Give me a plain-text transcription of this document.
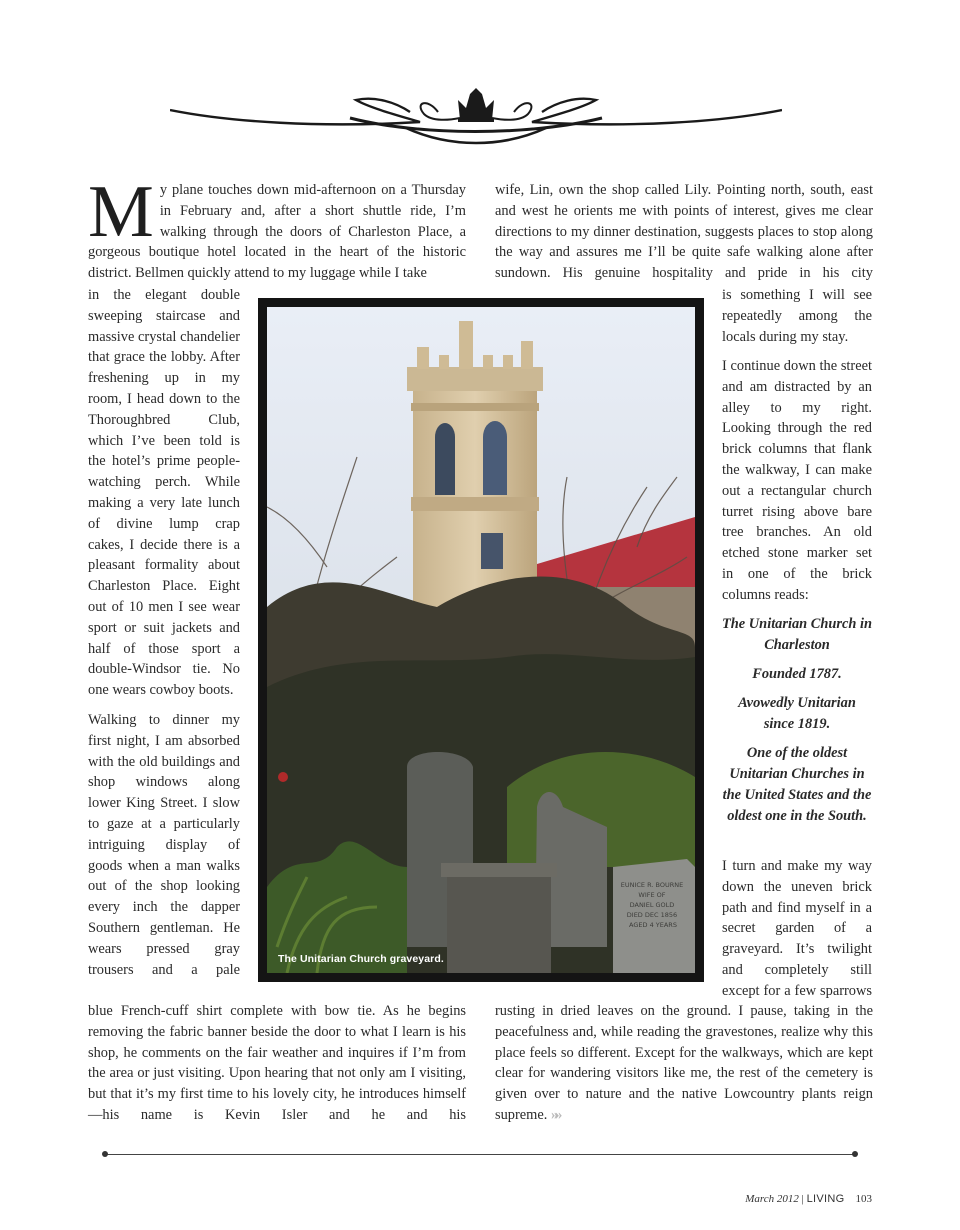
My plane touches down mid-afternoon on a Thursday in February and, after a short shuttle ride, I’m walking through the doors of Charleston Place, a gorgeous boutique hotel located in the heart of the historic district. Bellmen quickly attend to my luggage while I take

wife, Lin, own the shop called Lily. Pointing north, south, east and west he orients me with points of interest, gives me clear directions to my dinner destination, suggests places to stop along the way and assures me I’ll be quite safe walking alone after sundown. His genuine hospitality and pride in his city

in the elegant double sweeping staircase and massive crystal chandelier that grace the lobby. After freshening up in my room, I head down to the Thoroughbred Club, which I’ve been told is the hotel’s prime people-watching perch. While making a very late lunch of divine lump crap cakes, I decide there is a pleasant formality about Charleston Place. Eight out of 10 men I see wear sport or suit jackets and half of those sport a double-Windsor tie. No one wears cowboy boots.

Walking to dinner my first night, I am absorbed with the old buildings and shop windows along lower King Street. I slow to gaze at a particularly intriguing display of goods when a man walks out of the shop looking every inch the dapper Southern gentleman. He wears pressed gray trousers and a pale

EUNICE R. BOURNE WIFE OF DANIEL GOLD DIED DEC 1856 AGED 4 YEARS
The Unitarian Church graveyard.

is something I will see repeatedly among the locals during my stay.

I continue down the street and am distracted by an alley to my right. Looking through the red brick columns that flank the walkway, I can make out a rectangular church turret rising above bare tree branches. An old etched stone marker set in one of the brick columns reads:

The Unitarian Church in Charleston

Founded 1787.

Avowedly Unitarian since 1819.

One of the oldest Unitarian Churches in the United States and the oldest one in the South.

I turn and make my way down the uneven brick path and find myself in a secret garden of a graveyard. It’s twilight and completely still except for a few sparrows

blue French-cuff shirt complete with bow tie. As he begins removing the fabric banner beside the door to what I learn is his shop, he comments on the fair weather and inquires if I’m from the area or just visiting. Upon hearing that not only am I visiting, but that it’s my first time to his lovely city, he introduces himself—his name is Kevin Isler and he and his

rusting in dried leaves on the ground. I pause, taking in the peacefulness and, while reading the gravestones, realize why this place feels so different. Except for the walkways, which are kept clear for wandering visitors like me, the rest of the cemetery is given over to nature and the native Lowcountry plants reign supreme. »»

March 2012 | LIVING 103
